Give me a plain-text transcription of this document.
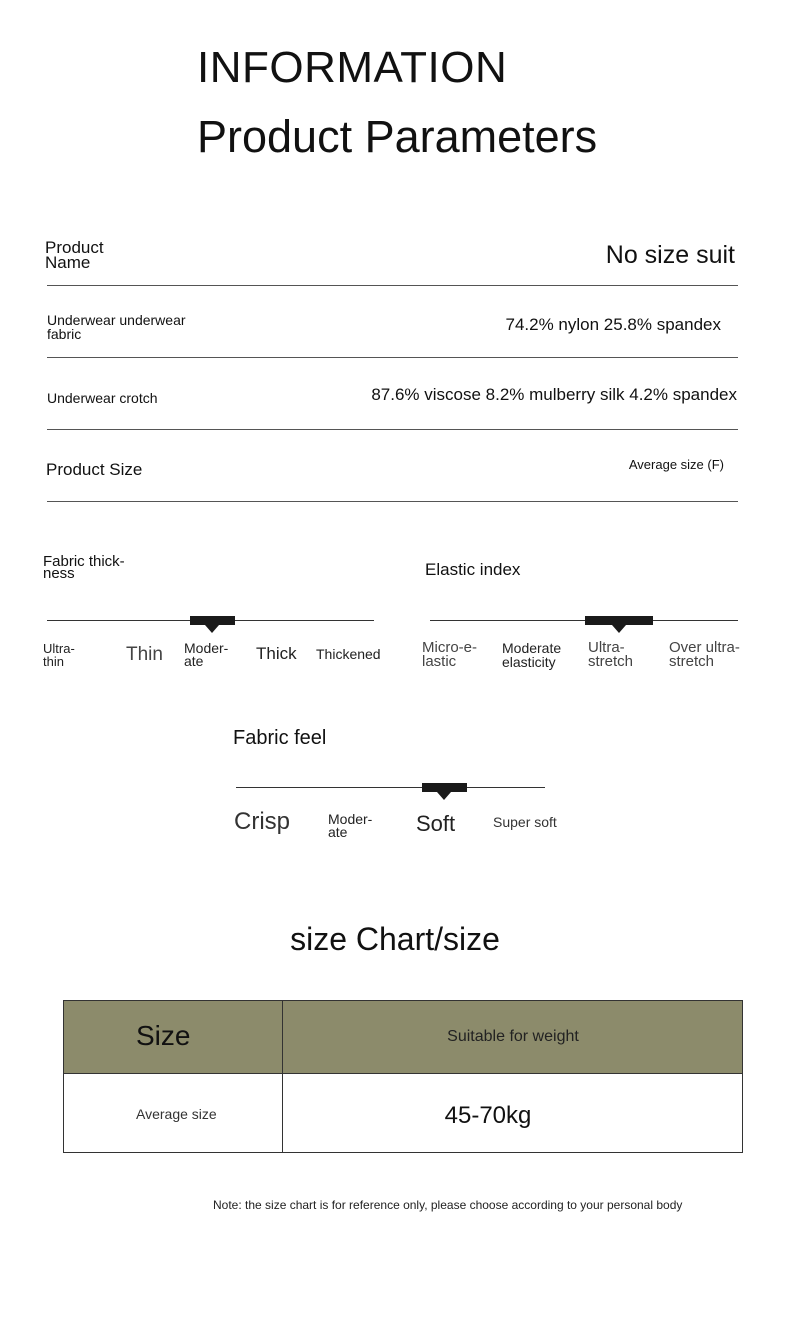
INFORMATION
Product Parameters
Product
Name	No size suit
Underwear underwear
fabric	74.2% nylon 25.8% spandex
Underwear crotch	87.6% viscose 8.2% mulberry silk 4.2% spandex
Product Size	Average size (F)
Fabric thick-
ness
Ultra-
thin	Thin Moder-
ate	Thick Thickened
Elastic index
Micro-e-
lastic
Moderate
elasticity
Ultra-
stretch
Over ultra-
stretch
Fabric feel
Crisp	Moder-
ate	Soft	Super soft
size Chart/size
Size	Suitable for weight
Average size	45-70kg
Note: the size chart is for reference only, please choose according to your personal body
